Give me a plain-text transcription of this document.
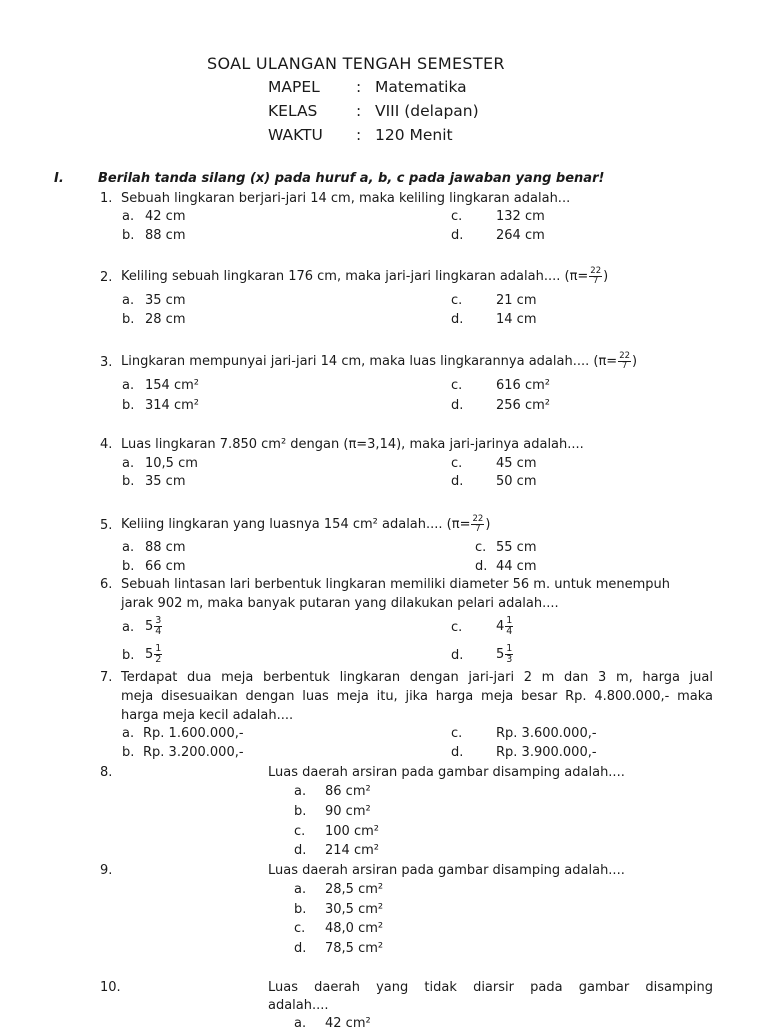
SOAL ULANGAN TENGAH SEMESTER
MAPEL : Matematika
KELAS : VIII (delapan)
WAKTU : 120 Menit
I.	Berilah tanda silang (x) pada huruf a, b, c pada jawaban yang benar!
1. Sebuah lingkaran berjari-jari 14 cm, maka keliling lingkaran adalah...
a. 42 cm
b. 88 cm
c.	132 cm
d.	264 cm
2. Keliling sebuah lingkaran 176 cm, maka jari-jari lingkaran adalah.... ( $\pi= \frac{22}{7}$ )
a. 35 cm
b. 28 cm
c.	21 cm
d.	14 cm
3. Lingkaran mempunyai jari-jari 14 cm, maka luas lingkarannya adalah.... ( $\pi= \frac{22}{7}$ )
a. 154 cm²
b. 314 cm²
c.	616 cm²
d.	256 cm²
4. Luas lingkaran 7.850 cm² dengan (π=3,14), maka jari-jarinya adalah....
a. 10,5 cm
b. 35 cm
c.	45 cm
d.	50 cm
5. Keliing lingkaran yang luasnya 154 cm² adalah.... ( $\pi= \frac{22}{7}$ )
a. 88 cm
b. 66 cm
c. 55 cm
d. 44 cm
6. Sebuah lintasan lari berbentuk lingkaran memiliki diameter 56 m. untuk menempuh
jarak 902 m, maka banyak putaran yang dilakukan pelari adalah....
a. $5 \frac{3}{4}$
b. $5 \frac{1}{2}$
c.	$4 \frac{1}{4}$
d.	$5 \frac{1}{3}$
7. Terdapat dua meja berbentuk lingkaran dengan jari-jari 2 m dan 3 m, harga jual
meja disesuaikan dengan luas meja itu, jika harga meja besar Rp. 4.800.000,- maka
harga meja kecil adalah....
a. Rp. 1.600.000,-
b. Rp. 3.200.000,-
c.	Rp. 3.600.000,-
d.	Rp. 3.900.000,-
8.	Luas daerah arsiran pada gambar disamping adalah....
a. 86 cm²
b. 90 cm²
c. 100 cm²
d. 214 cm²
9.	Luas daerah arsiran pada gambar disamping adalah....
a. 28,5 cm²
b. 30,5 cm²
c. 48,0 cm²
d. 78,5 cm²
10.	Luas daerah yang tidak diarsir pada gambar disamping
adalah....
a. 42 cm²
